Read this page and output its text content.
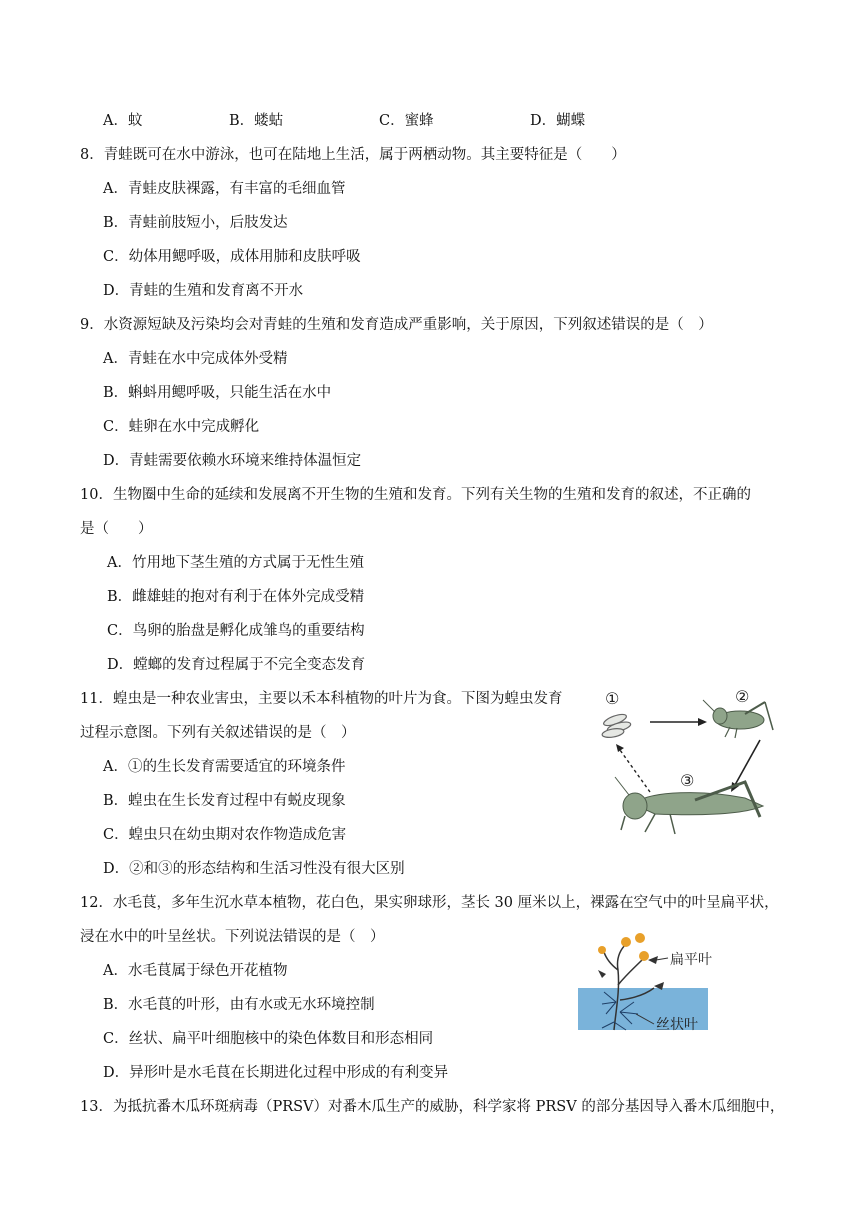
A．蚊	B．蝼蛄	C．蜜蜂	D．蝴蝶
8．青蛙既可在水中游泳，也可在陆地上生活，属于两栖动物。其主要特征是（　　）
A．青蛙皮肤裸露，有丰富的毛细血管
B．青蛙前肢短小，后肢发达
C．幼体用鳃呼吸，成体用肺和皮肤呼吸
D．青蛙的生殖和发育离不开水
9．水资源短缺及污染均会对青蛙的生殖和发育造成严重影响，关于原因，下列叙述错误的是（　）
A．青蛙在水中完成体外受精
B．蝌蚪用鳃呼吸，只能生活在水中
C．蛙卵在水中完成孵化
D．青蛙需要依赖水环境来维持体温恒定
10．生物圈中生命的延续和发展离不开生物的生殖和发育。下列有关生物的生殖和发育的叙述，不正确的
是（　　）
A．竹用地下茎生殖的方式属于无性生殖
B．雌雄蛙的抱对有利于在体外完成受精
C．鸟卵的胎盘是孵化成雏鸟的重要结构
D．螳螂的发育过程属于不完全变态发育
11．蝗虫是一种农业害虫，主要以禾本科植物的叶片为食。下图为蝗虫发育
过程示意图。下列有关叙述错误的是（　）
A．①的生长发育需要适宜的环境条件
B．蝗虫在生长发育过程中有蜕皮现象
C．蝗虫只在幼虫期对农作物造成危害
D．②和③的形态结构和生活习性没有很大区别
①	②
③
12．水毛茛，多年生沉水草本植物，花白色，果实卵球形，茎长 30 厘米以上，裸露在空气中的叶呈扁平状，
浸在水中的叶呈丝状。下列说法错误的是（　）
A．水毛茛属于绿色开花植物
B．水毛茛的叶形，由有水或无水环境控制
C．丝状、扁平叶细胞核中的染色体数目和形态相同
D．异形叶是水毛茛在长期进化过程中形成的有利变异
扁平叶
丝状叶
13．为抵抗番木瓜环斑病毒（PRSV）对番木瓜生产的威胁，科学家将 PRSV 的部分基因导入番木瓜细胞中，
